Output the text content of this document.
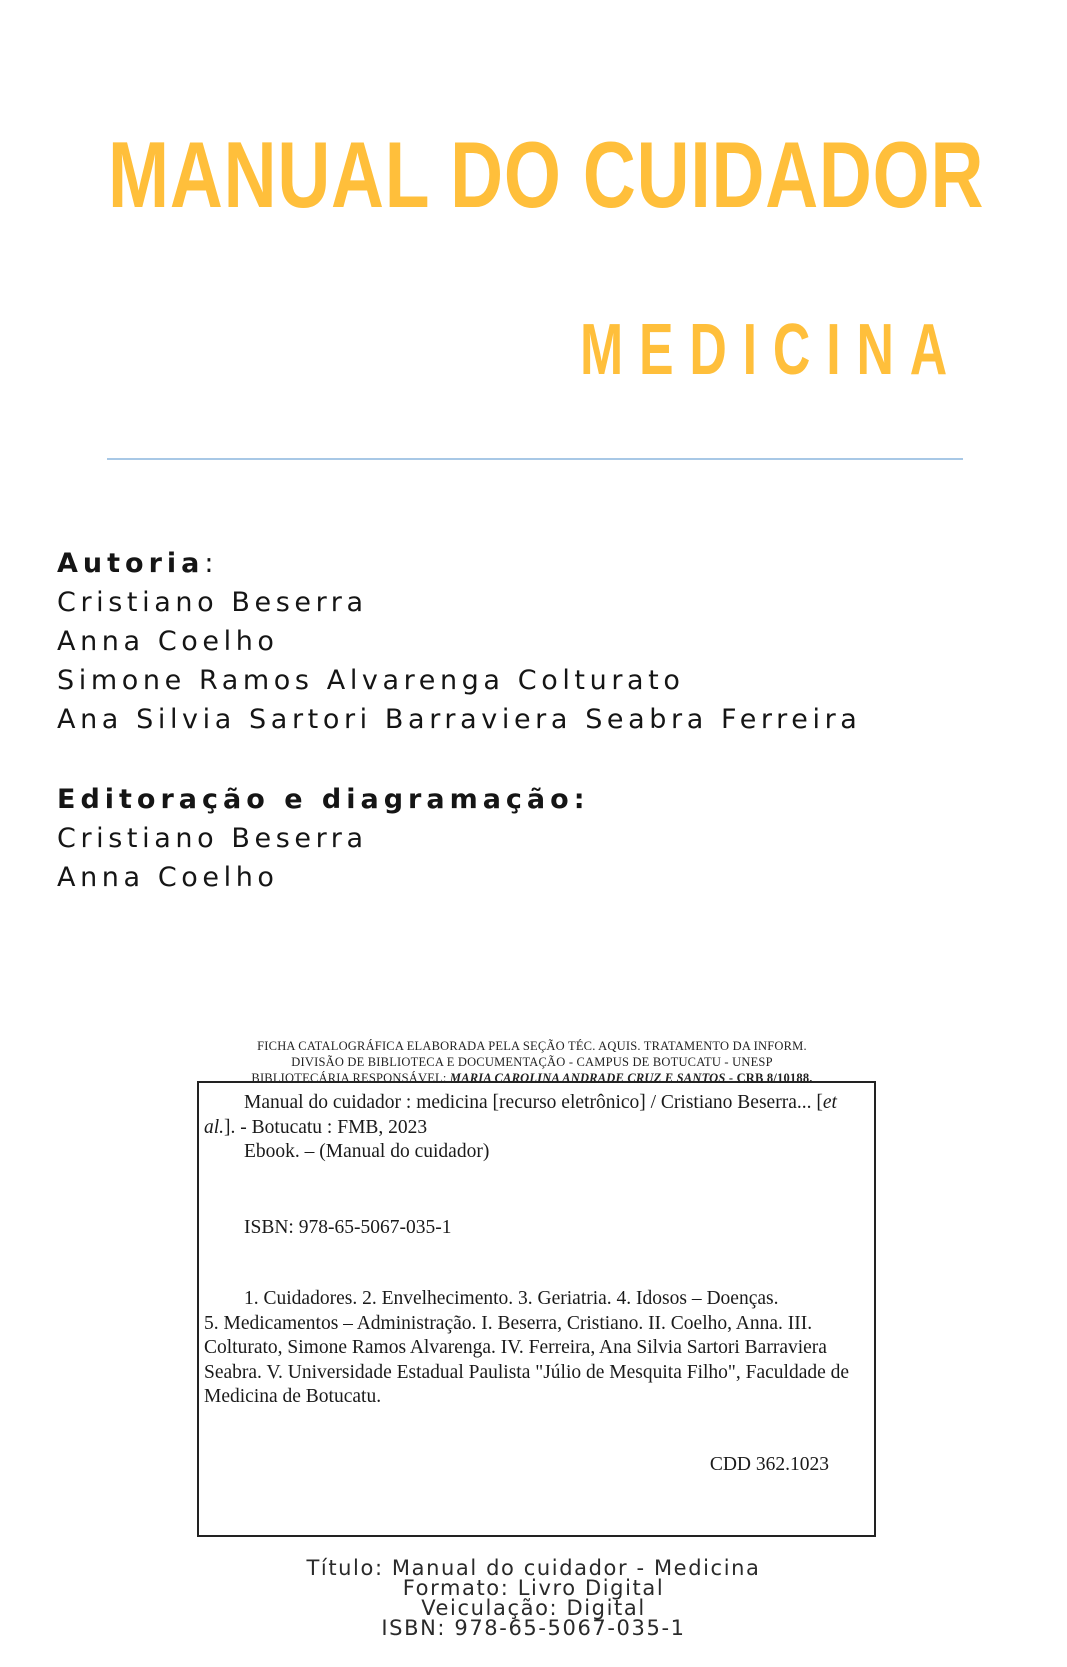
MANUAL DO CUIDADOR
MEDICINA
Autoria:
Cristiano Beserra
Anna Coelho
Simone Ramos Alvarenga Colturato
Ana Silvia Sartori Barraviera Seabra Ferreira
Editoração e diagramação:
Cristiano Beserra
Anna Coelho
FICHA CATALOGRÁFICA ELABORADA PELA SEÇÃO TÉC. AQUIS. TRATAMENTO DA INFORM.
DIVISÃO DE BIBLIOTECA E DOCUMENTAÇÃO - CAMPUS DE BOTUCATU - UNESP
BIBLIOTECÁRIA RESPONSÁVEL: MARIA CAROLINA ANDRADE CRUZ E SANTOS - CRB 8/10188.
Manual do cuidador : medicina [recurso eletrônico] / Cristiano Beserra... [et
al.]. - Botucatu : FMB, 2023
Ebook. – (Manual do cuidador)
ISBN: 978-65-5067-035-1
1. Cuidadores. 2. Envelhecimento. 3. Geriatria. 4. Idosos – Doenças.
5. Medicamentos – Administração. I. Beserra, Cristiano. II. Coelho, Anna. III. Colturato, Simone Ramos Alvarenga. IV. Ferreira, Ana Silvia Sartori Barraviera Seabra. V. Universidade Estadual Paulista "Júlio de Mesquita Filho", Faculdade de Medicina de Botucatu.
CDD 362.1023
Título: Manual do cuidador - Medicina
Formato: Livro Digital
Veiculação: Digital
ISBN: 978-65-5067-035-1
